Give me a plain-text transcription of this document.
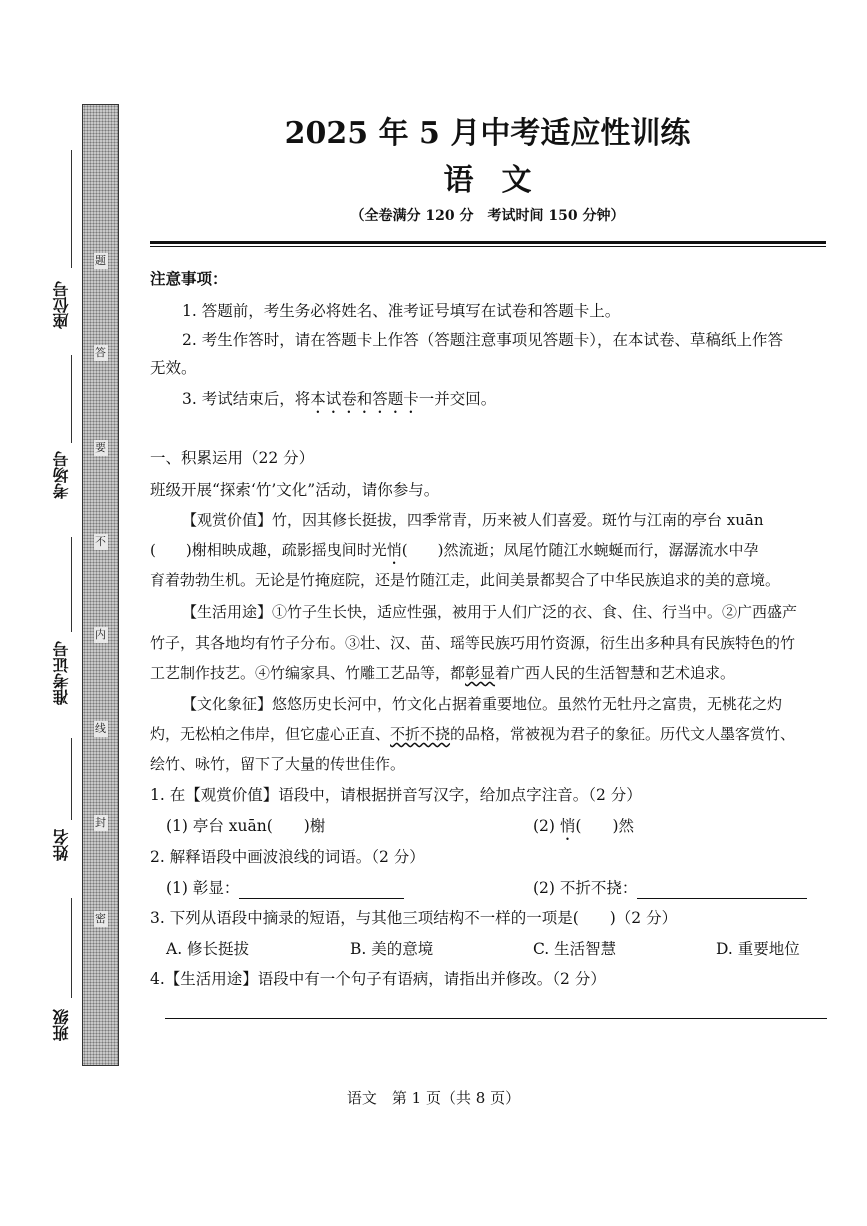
题
答
要
不
内
线
封
密
座位号
考场号
准考证号
姓名
班级
2025 年 5 月中考适应性训练
语文
（全卷满分 120 分　考试时间 150 分钟）
注意事项：
1. 答题前，考生务必将姓名、准考证号填写在试卷和答题卡上。
2. 考生作答时，请在答题卡上作答（答题注意事项见答题卡），在本试卷、草稿纸上作答
无效。
3. 考试结束后，将本试卷和答题卡一并交回。
一、积累运用（22 分）
班级开展“探索‘竹’文化”活动，请你参与。
【观赏价值】竹，因其修长挺拔，四季常青，历来被人们喜爱。斑竹与江南的亭台 xuān
(　　)榭相映成趣，疏影摇曳间时光悄(　　)然流逝；凤尾竹随江水蜿蜒而行，潺潺流水中孕
育着勃勃生机。无论是竹掩庭院，还是竹随江走，此间美景都契合了中华民族追求的美的意境。
【生活用途】①竹子生长快，适应性强，被用于人们广泛的衣、食、住、行当中。②广西盛产
竹子，其各地均有竹子分布。③壮、汉、苗、瑶等民族巧用竹资源，衍生出多种具有民族特色的竹
工艺制作技艺。④竹编家具、竹雕工艺品等，都彰显着广西人民的生活智慧和艺术追求。
【文化象征】悠悠历史长河中，竹文化占据着重要地位。虽然竹无牡丹之富贵，无桃花之灼
灼，无松柏之伟岸，但它虚心正直、不折不挠的品格，常被视为君子的象征。历代文人墨客赏竹、
绘竹、咏竹，留下了大量的传世佳作。
1. 在【观赏价值】语段中，请根据拼音写汉字，给加点字注音。（2 分）
(1) 亭台 xuān(　　)榭	(2) 悄(　　)然
2. 解释语段中画波浪线的词语。（2 分）
(1) 彰显：	(2) 不折不挠：
3. 下列从语段中摘录的短语，与其他三项结构不一样的一项是(　　)（2 分）
A. 修长挺拔	B. 美的意境	C. 生活智慧	D. 重要地位
4.【生活用途】语段中有一个句子有语病，请指出并修改。（2 分）
语文　第 1 页（共 8 页）
